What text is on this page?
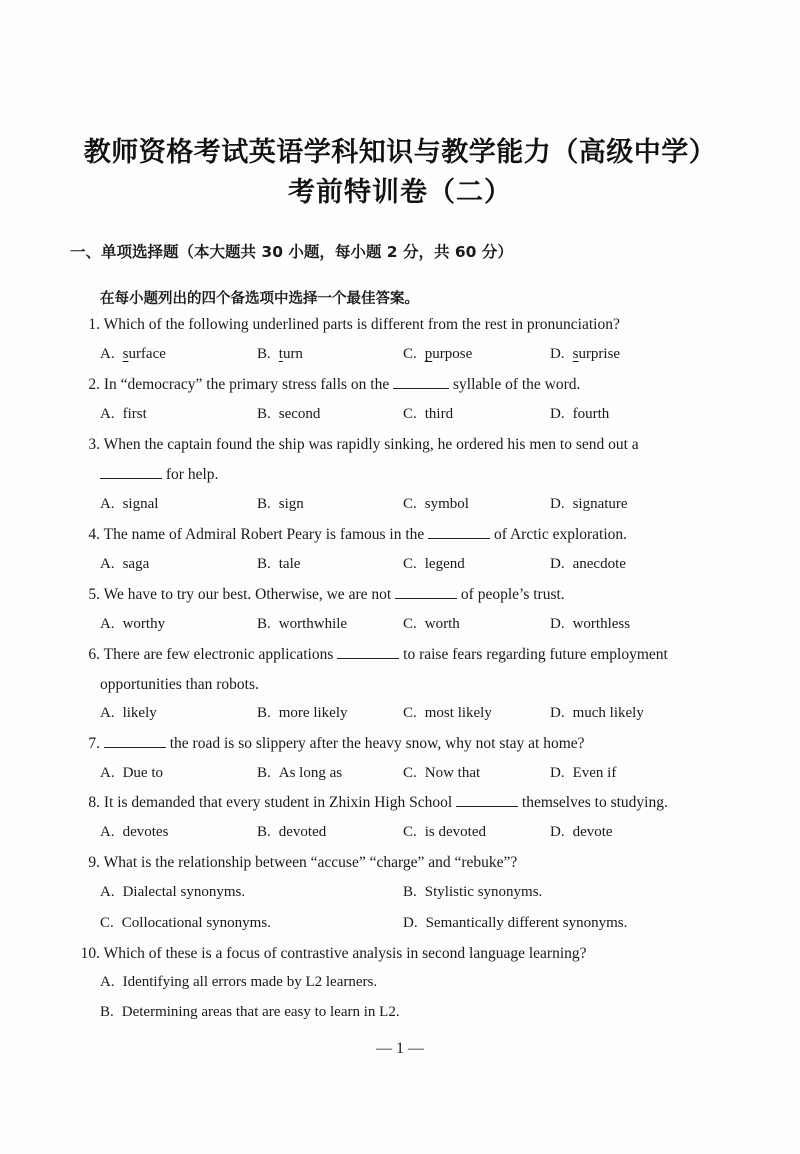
教师资格考试英语学科知识与教学能力（高级中学）
考前特训卷（二）

一、单项选择题（本大题共 30 小题，每小题 2 分，共 60 分）

在每小题列出的四个备选项中选择一个最佳答案。

1. Which of the following underlined parts is different from the rest in pronunciation?

A. surface	B. turn	C. purpose	D. surprise

2. In “democracy” the primary stress falls on the	syllable of the word.

A. first	B. second	C. third	D. fourth

3. When the captain found the ship was rapidly sinking, he ordered his men to send out a

for help.

A. signal	B. sign	C. symbol	D. signature

4. The name of Admiral Robert Peary is famous in the	of Arctic exploration.

A. saga	B. tale	C. legend	D. anecdote

5. We have to try our best. Otherwise, we are not	of people’s trust.

A. worthy	B. worthwhile	C. worth	D. worthless

6. There are few electronic applications	to raise fears regarding future employment

opportunities than robots.

A. likely	B. more likely	C. most likely	D. much likely

7.	the road is so slippery after the heavy snow, why not stay at home?

A. Due to	B. As long as	C. Now that	D. Even if

8. It is demanded that every student in Zhixin High School	themselves to studying.

A. devotes	B. devoted	C. is devoted	D. devote

9. What is the relationship between “accuse” “charge” and “rebuke”?

A. Dialectal synonyms.	B. Stylistic synonyms.
C. Collocational synonyms.	D. Semantically different synonyms.

10. Which of these is a focus of contrastive analysis in second language learning?

A. Identifying all errors made by L2 learners.
B. Determining areas that are easy to learn in L2.
— 1 —
